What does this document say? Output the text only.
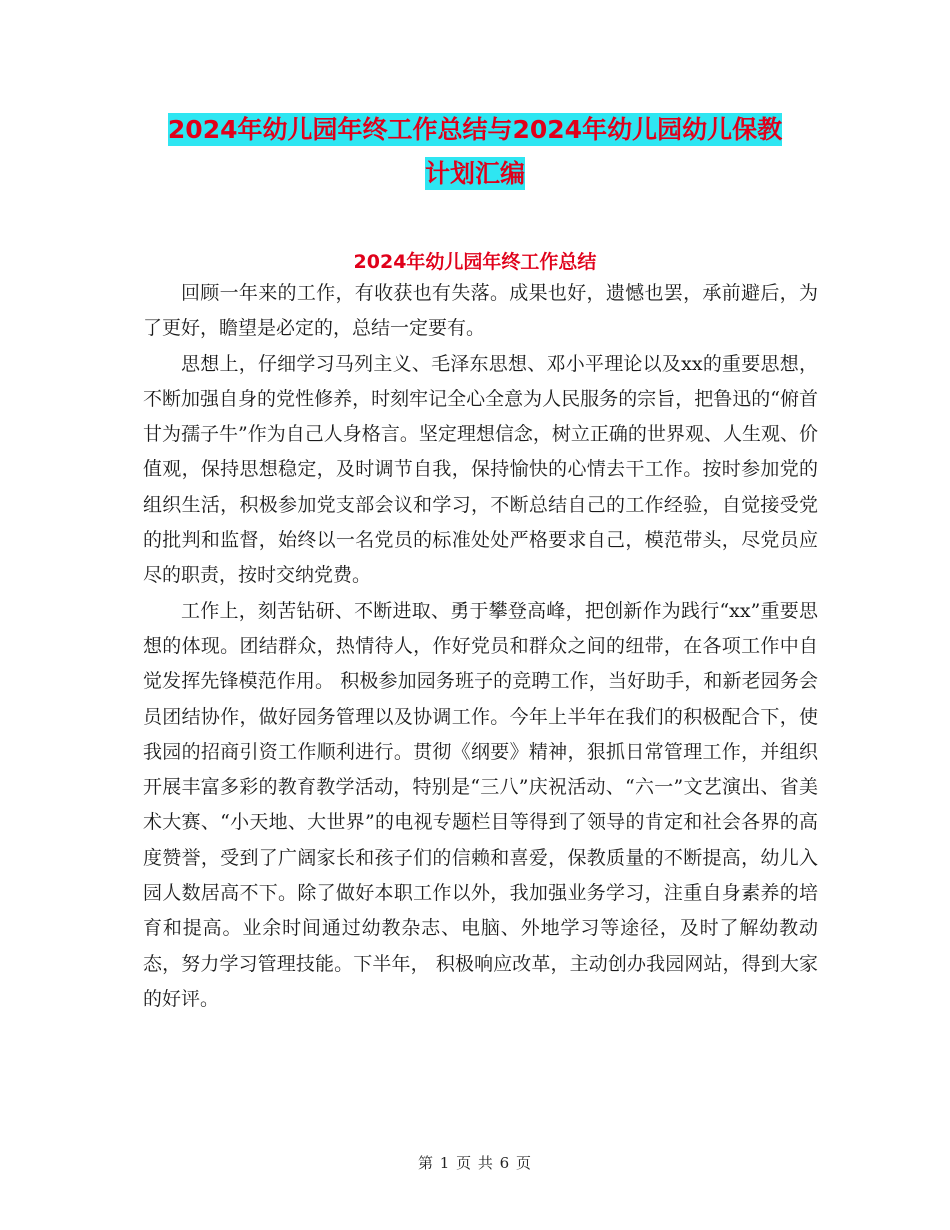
2024年幼儿园年终工作总结与2024年幼儿园幼儿保教
计划汇编
2024年幼儿园年终工作总结

回顾一年来的工作，有收获也有失落。成果也好，遗憾也罢，承前避后，为了更好，瞻望是必定的，总结一定要有。

思想上，仔细学习马列主义、毛泽东思想、邓小平理论以及xx的重要思想，不断加强自身的党性修养，时刻牢记全心全意为人民服务的宗旨，把鲁迅的“俯首甘为孺子牛”作为自己人身格言。坚定理想信念，树立正确的世界观、人生观、价值观，保持思想稳定，及时调节自我，保持愉快的心情去干工作。按时参加党的组织生活，积极参加党支部会议和学习，不断总结自己的工作经验，自觉接受党的批判和监督，始终以一名党员的标准处处严格要求自己，模范带头，尽党员应尽的职责，按时交纳党费。

工作上，刻苦钻研、不断进取、勇于攀登高峰，把创新作为践行“xx”重要思想的体现。团结群众，热情待人，作好党员和群众之间的纽带，在各项工作中自觉发挥先锋模范作用。 积极参加园务班子的竞聘工作，当好助手，和新老园务会员团结协作，做好园务管理以及协调工作。今年上半年在我们的积极配合下，使我园的招商引资工作顺利进行。贯彻《纲要》精神，狠抓日常管理工作，并组织开展丰富多彩的教育教学活动，特别是“三八”庆祝活动、“六一”文艺演出、省美术大赛、“小天地、大世界”的电视专题栏目等得到了领导的肯定和社会各界的高度赞誉，受到了广阔家长和孩子们的信赖和喜爱，保教质量的不断提高，幼儿入园人数居高不下。除了做好本职工作以外，我加强业务学习，注重自身素养的培育和提高。业余时间通过幼教杂志、电脑、外地学习等途径，及时了解幼教动态，努力学习管理技能。下半年， 积极响应改革，主动创办我园网站，得到大家的好评。

第 1 页 共 6 页
